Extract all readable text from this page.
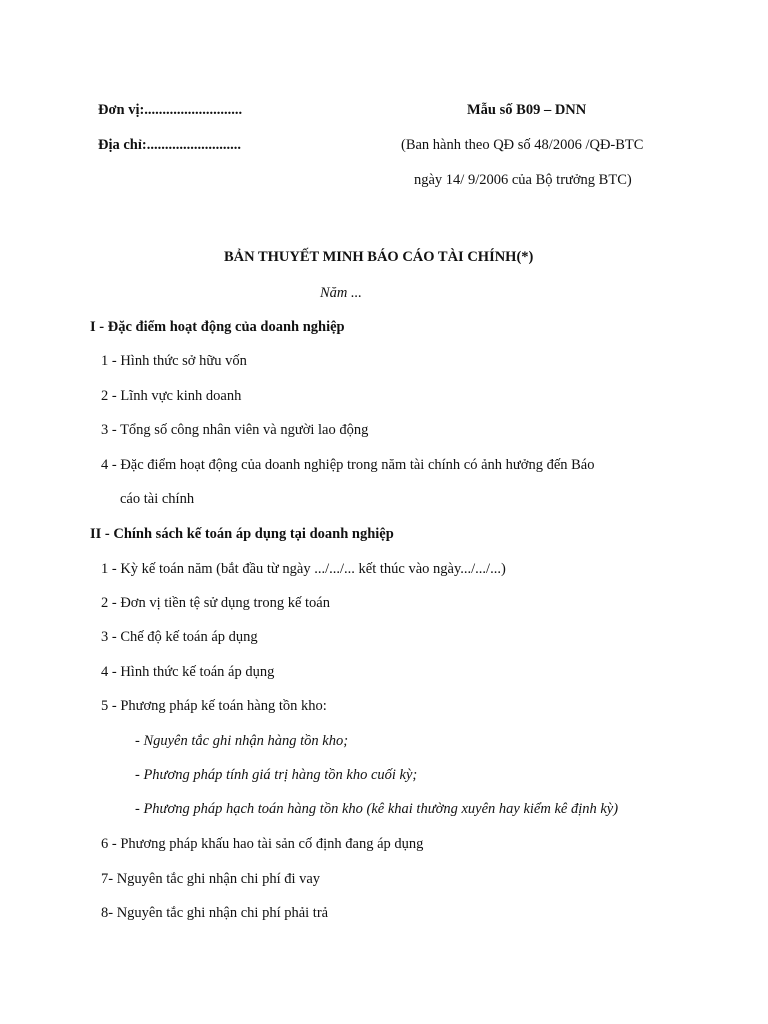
Đơn vị:...........................
Địa chỉ:..........................
Mẫu số B09 – DNN
(Ban hành theo QĐ số 48/2006 /QĐ-BTC
ngày 14/ 9/2006 của Bộ trưởng BTC)
BẢN THUYẾT MINH BÁO CÁO TÀI CHÍNH(*)
Năm ...
I - Đặc điểm hoạt động của doanh nghiệp
1 - Hình thức sở hữu vốn
2 - Lĩnh vực kinh doanh
3 - Tổng số công nhân viên và người lao động
4 - Đặc điểm hoạt động của doanh nghiệp trong năm tài chính có ảnh hưởng đến Báo
cáo tài chính
II - Chính sách kế toán áp dụng tại doanh nghiệp
1 - Kỳ kế toán năm (bắt đầu từ ngày .../.../... kết thúc vào ngày.../.../...)
2 - Đơn vị tiền tệ sử dụng trong kế toán
3 - Chế độ kế toán áp dụng
4 - Hình thức kế toán áp dụng
5 - Phương pháp kế toán hàng tồn kho:
- Nguyên tắc ghi nhận hàng tồn kho;
- Phương pháp tính giá trị hàng tồn kho cuối kỳ;
- Phương pháp hạch toán hàng tồn kho (kê khai thường xuyên hay kiểm kê định kỳ)
6 - Phương pháp khấu hao tài sản cố định đang áp dụng
7- Nguyên tắc ghi nhận chi phí đi vay
8- Nguyên tắc ghi nhận chi phí phải trả
